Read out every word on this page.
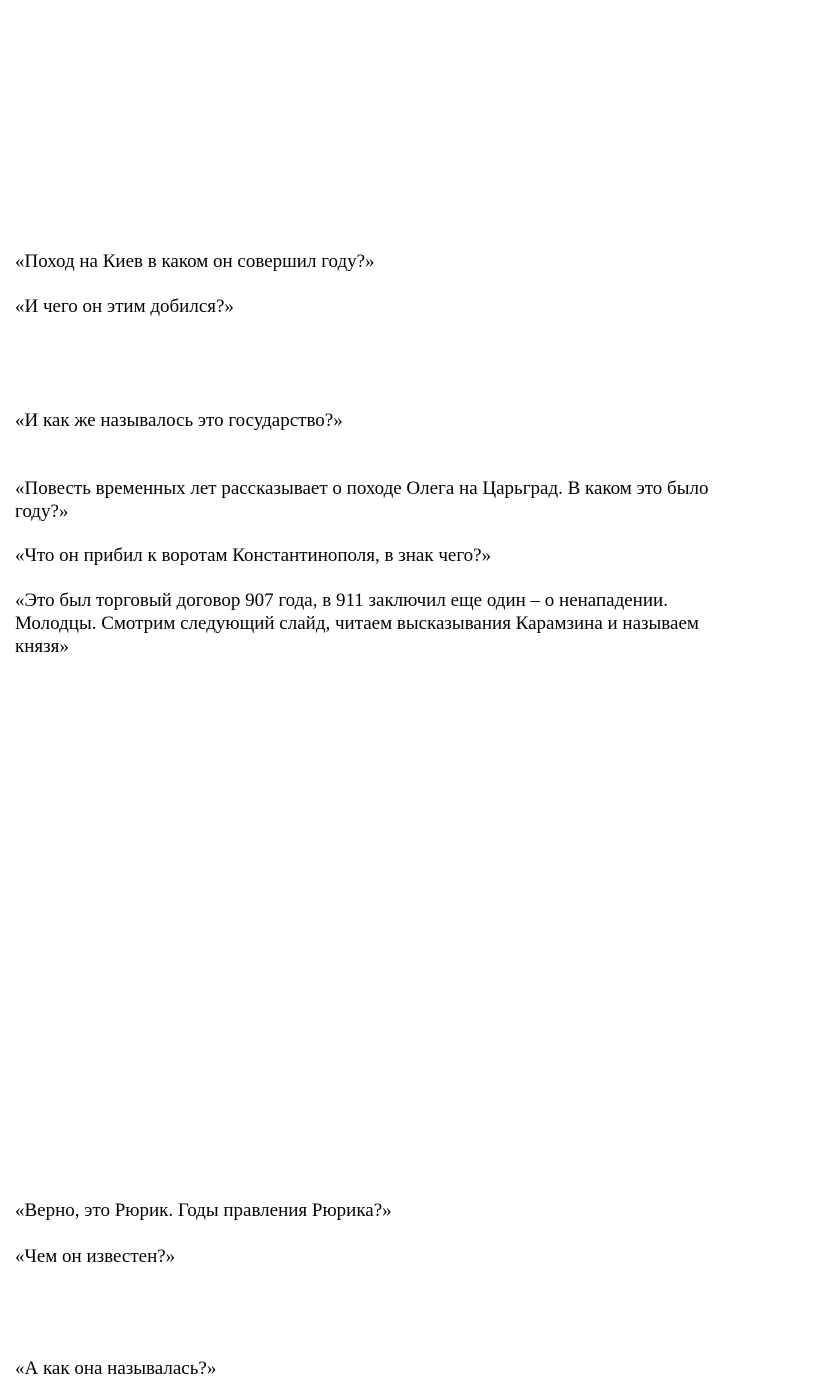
«Поход на Киев в каком он совершил году?»

«И чего он этим добился?»

«И как же называлось это государство?»

«Повесть временных лет рассказывает о походе Олега на Царьград. В каком это было
году?»

«Что он прибил к воротам Константинополя, в знак чего?»

«Это был торговый договор 907 года, в 911 заключил еще один – о ненападении.
Молодцы. Смотрим следующий слайд, читаем высказывания Карамзина и называем
князя»

«Верно, это Рюрик. Годы правления Рюрика?»

«Чем он известен?»

«А как она называлась?»
